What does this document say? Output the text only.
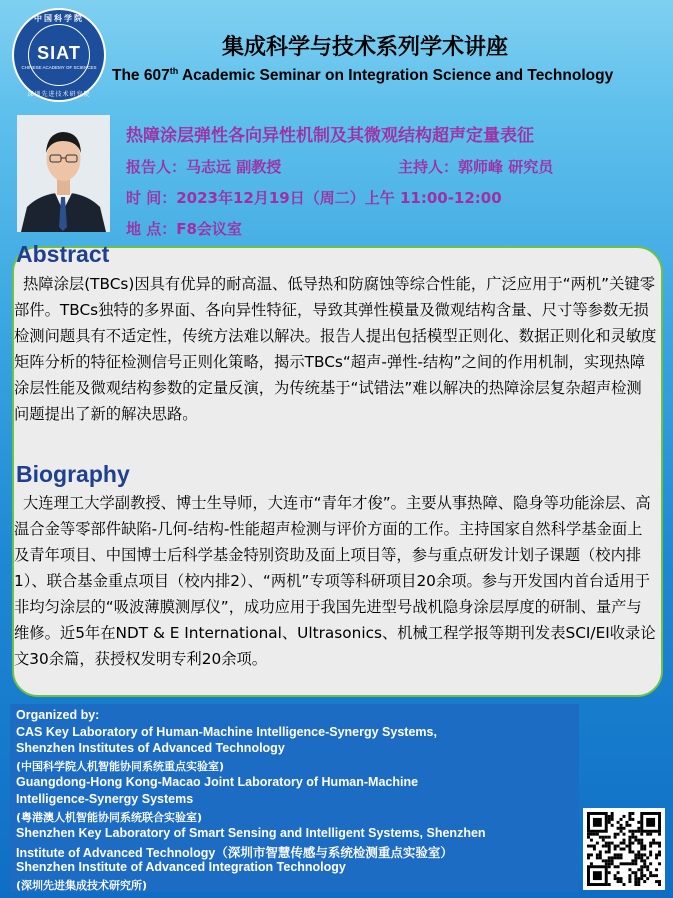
中国科学院
SIAT
CHINESE ACADEMY OF SCIENCES
深圳先进技术研究院
集成科学与技术系列学术讲座
The 607th Academic Seminar on Integration Science and Technology
热障涂层弹性各向异性机制及其微观结构超声定量表征
报告人：马志远 副教授	主持人：郭师峰 研究员
时 间：2023年12月19日（周二）上午 11:00-12:00
地 点：F8会议室
Abstract

热障涂层(TBCs)因具有优异的耐高温、低导热和防腐蚀等综合性能，广泛应用于“两机”关键零部件。TBCs独特的多界面、各向异性特征，导致其弹性模量及微观结构含量、尺寸等参数无损检测问题具有不适定性，传统方法难以解决。报告人提出包括模型正则化、数据正则化和灵敏度矩阵分析的特征检测信号正则化策略，揭示TBCs“超声-弹性-结构”之间的作用机制，实现热障涂层性能及微观结构参数的定量反演，为传统基于“试错法”难以解决的热障涂层复杂超声检测问题提出了新的解决思路。

Biography

大连理工大学副教授、博士生导师，大连市“青年才俊”。主要从事热障、隐身等功能涂层、高温合金等零部件缺陷-几何-结构-性能超声检测与评价方面的工作。主持国家自然科学基金面上及青年项目、中国博士后科学基金特别资助及面上项目等，参与重点研发计划子课题（校内排1）、联合基金重点项目（校内排2）、“两机”专项等科研项目20余项。参与开发国内首台适用于非均匀涂层的“吸波薄膜测厚仪”，成功应用于我国先进型号战机隐身涂层厚度的研制、量产与维修。近5年在NDT & E International、Ultrasonics、机械工程学报等期刊发表SCI/EI收录论文30余篇，获授权发明专利20余项。

Organized by:
CAS Key Laboratory of Human-Machine Intelligence-Synergy Systems,
Shenzhen Institutes of Advanced Technology
(中国科学院人机智能协同系统重点实验室)
Guangdong-Hong Kong-Macao Joint Laboratory of Human-Machine
Intelligence-Synergy Systems
(粤港澳人机智能协同系统联合实验室)
Shenzhen Key Laboratory of Smart Sensing and Intelligent Systems, Shenzhen
Institute of Advanced Technology（深圳市智慧传感与系统检测重点实验室）
Shenzhen Institute of Advanced Integration Technology
(深圳先进集成技术研究所)
